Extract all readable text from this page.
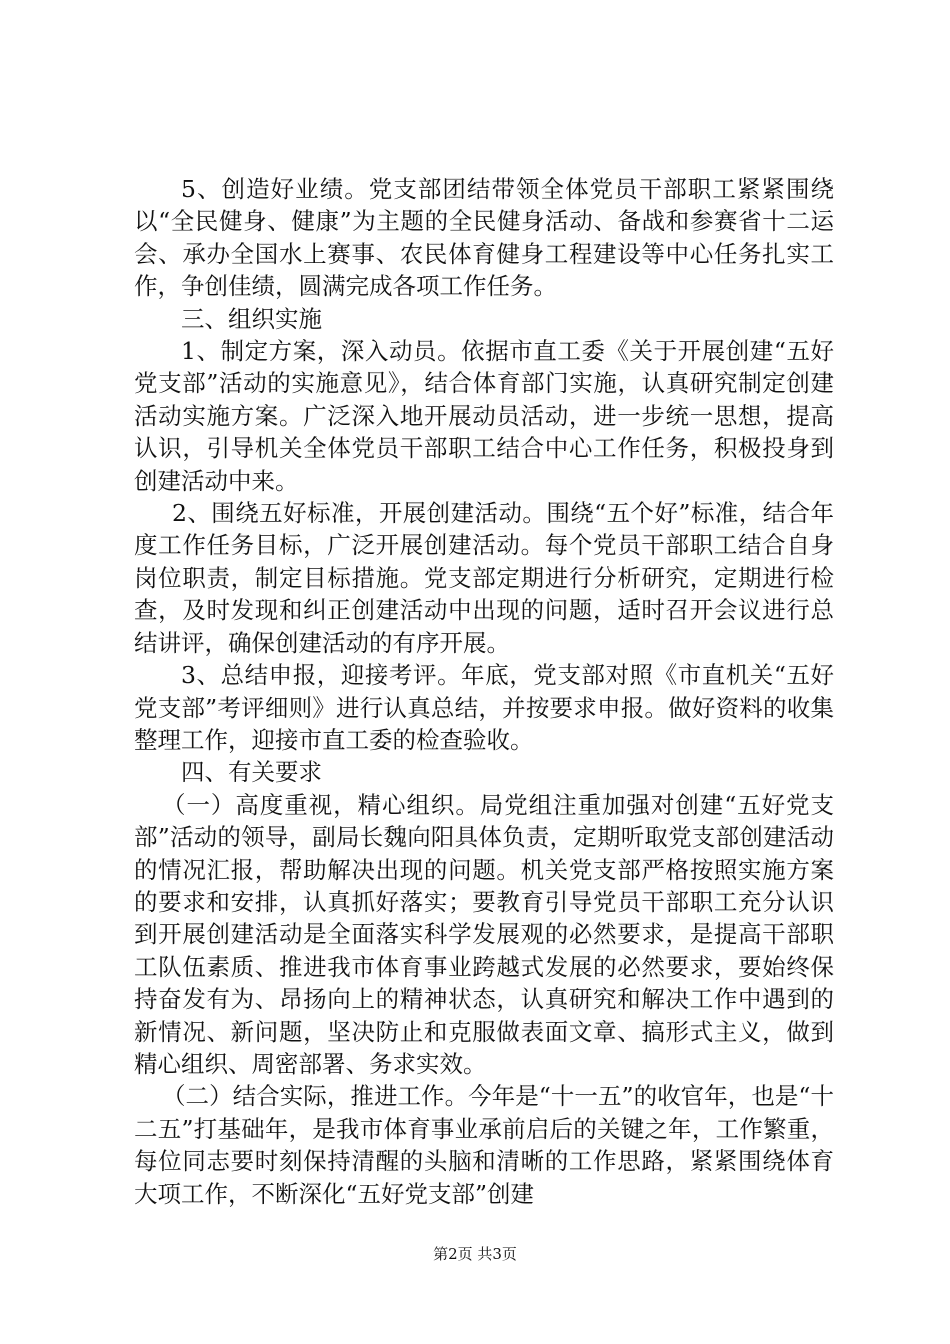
5、创造好业绩。党支部团结带领全体党员干部职工紧紧围绕以“全民健身、健康”为主题的全民健身活动、备战和参赛省十二运会、承办全国水上赛事、农民体育健身工程建设等中心任务扎实工作，争创佳绩，圆满完成各项工作任务。

三、组织实施

1、制定方案，深入动员。依据市直工委《关于开展创建“五好党支部”活动的实施意见》，结合体育部门实施，认真研究制定创建活动实施方案。广泛深入地开展动员活动，进一步统一思想，提高认识，引导机关全体党员干部职工结合中心工作任务，积极投身到创建活动中来。

2、围绕五好标准，开展创建活动。围绕“五个好”标准，结合年度工作任务目标，广泛开展创建活动。每个党员干部职工结合自身岗位职责，制定目标措施。党支部定期进行分析研究，定期进行检查，及时发现和纠正创建活动中出现的问题，适时召开会议进行总结讲评，确保创建活动的有序开展。

3、总结申报，迎接考评。年底，党支部对照《市直机关“五好党支部”考评细则》进行认真总结，并按要求申报。做好资料的收集整理工作，迎接市直工委的检查验收。

四、有关要求

（一）高度重视，精心组织。局党组注重加强对创建“五好党支部”活动的领导，副局长魏向阳具体负责，定期听取党支部创建活动的情况汇报，帮助解决出现的问题。机关党支部严格按照实施方案的要求和安排，认真抓好落实；要教育引导党员干部职工充分认识到开展创建活动是全面落实科学发展观的必然要求，是提高干部职工队伍素质、推进我市体育事业跨越式发展的必然要求，要始终保持奋发有为、昂扬向上的精神状态，认真研究和解决工作中遇到的新情况、新问题，坚决防止和克服做表面文章、搞形式主义，做到精心组织、周密部署、务求实效。

（二）结合实际，推进工作。今年是“十一五”的收官年，也是“十二五”打基础年，是我市体育事业承前启后的关键之年，工作繁重，每位同志要时刻保持清醒的头脑和清晰的工作思路，紧紧围绕体育大项工作，不断深化“五好党支部”创建

第2页 共3页
